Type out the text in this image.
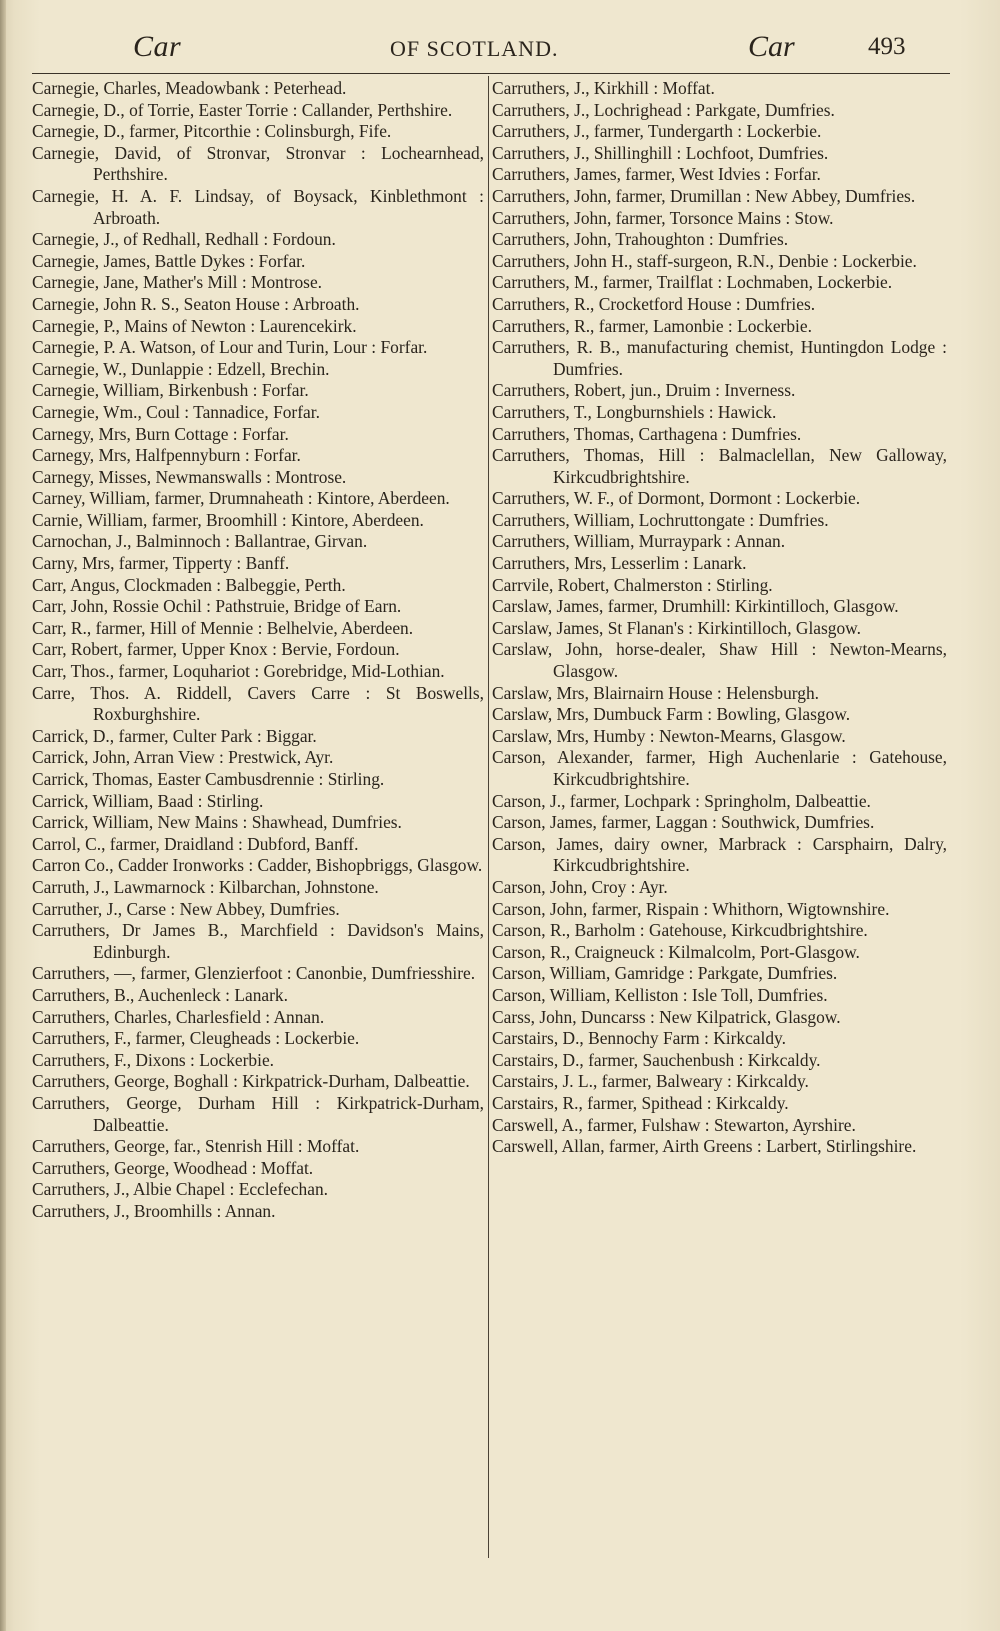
Car	OF SCOTLAND.	Car	493

Carnegie, Charles, Meadowbank : Peterhead.

Carnegie, D., of Torrie, Easter Torrie : Callander, Perthshire.

Carnegie, D., farmer, Pitcorthie : Colinsburgh, Fife.

Carnegie, David, of Stronvar, Stronvar : Lochearnhead, Perthshire.

Carnegie, H. A. F. Lindsay, of Boysack, Kinblethmont : Arbroath.

Carnegie, J., of Redhall, Redhall : Fordoun.

Carnegie, James, Battle Dykes : Forfar.

Carnegie, Jane, Mather's Mill : Montrose.

Carnegie, John R. S., Seaton House : Arbroath.

Carnegie, P., Mains of Newton : Laurencekirk.

Carnegie, P. A. Watson, of Lour and Turin, Lour : Forfar.

Carnegie, W., Dunlappie : Edzell, Brechin.

Carnegie, William, Birkenbush : Forfar.

Carnegie, Wm., Coul : Tannadice, Forfar.

Carnegy, Mrs, Burn Cottage : Forfar.

Carnegy, Mrs, Halfpennyburn : Forfar.

Carnegy, Misses, Newmanswalls : Montrose.

Carney, William, farmer, Drumnaheath : Kintore, Aberdeen.

Carnie, William, farmer, Broomhill : Kintore, Aberdeen.

Carnochan, J., Balminnoch : Ballantrae, Girvan.

Carny, Mrs, farmer, Tipperty : Banff.

Carr, Angus, Clockmaden : Balbeggie, Perth.

Carr, John, Rossie Ochil : Pathstruie, Bridge of Earn.

Carr, R., farmer, Hill of Mennie : Belhelvie, Aberdeen.

Carr, Robert, farmer, Upper Knox : Bervie, Fordoun.

Carr, Thos., farmer, Loquhariot : Gorebridge, Mid-Lothian.

Carre, Thos. A. Riddell, Cavers Carre : St Boswells, Roxburghshire.

Carrick, D., farmer, Culter Park : Biggar.

Carrick, John, Arran View : Prestwick, Ayr.

Carrick, Thomas, Easter Cambusdrennie : Stirling.

Carrick, William, Baad : Stirling.

Carrick, William, New Mains : Shawhead, Dumfries.

Carrol, C., farmer, Draidland : Dubford, Banff.

Carron Co., Cadder Ironworks : Cadder, Bishopbriggs, Glasgow.

Carruth, J., Lawmarnock : Kilbarchan, Johnstone.

Carruther, J., Carse : New Abbey, Dumfries.

Carruthers, Dr James B., Marchfield : Davidson's Mains, Edinburgh.

Carruthers, —, farmer, Glenzierfoot : Canonbie, Dumfriesshire.

Carruthers, B., Auchenleck : Lanark.

Carruthers, Charles, Charlesfield : Annan.

Carruthers, F., farmer, Cleugheads : Lockerbie.

Carruthers, F., Dixons : Lockerbie.

Carruthers, George, Boghall : Kirkpatrick-Durham, Dalbeattie.

Carruthers, George, Durham Hill : Kirkpatrick-Durham, Dalbeattie.

Carruthers, George, far., Stenrish Hill : Moffat.

Carruthers, George, Woodhead : Moffat.

Carruthers, J., Albie Chapel : Ecclefechan.

Carruthers, J., Broomhills : Annan.

Carruthers, J., Kirkhill : Moffat.

Carruthers, J., Lochrighead : Parkgate, Dumfries.

Carruthers, J., farmer, Tundergarth : Lockerbie.

Carruthers, J., Shillinghill : Lochfoot, Dumfries.

Carruthers, James, farmer, West Idvies : Forfar.

Carruthers, John, farmer, Drumillan : New Abbey, Dumfries.

Carruthers, John, farmer, Torsonce Mains : Stow.

Carruthers, John, Trahoughton : Dumfries.

Carruthers, John H., staff-surgeon, R.N., Denbie : Lockerbie.

Carruthers, M., farmer, Trailflat : Lochmaben, Lockerbie.

Carruthers, R., Crocketford House : Dumfries.

Carruthers, R., farmer, Lamonbie : Lockerbie.

Carruthers, R. B., manufacturing chemist, Huntingdon Lodge : Dumfries.

Carruthers, Robert, jun., Druim : Inverness.

Carruthers, T., Longburnshiels : Hawick.

Carruthers, Thomas, Carthagena : Dumfries.

Carruthers, Thomas, Hill : Balmaclellan, New Galloway, Kirkcudbrightshire.

Carruthers, W. F., of Dormont, Dormont : Lockerbie.

Carruthers, William, Lochruttongate : Dumfries.

Carruthers, William, Murraypark : Annan.

Carruthers, Mrs, Lesserlim : Lanark.

Carrvile, Robert, Chalmerston : Stirling.

Carslaw, James, farmer, Drumhill: Kirkintilloch, Glasgow.

Carslaw, James, St Flanan's : Kirkintilloch, Glasgow.

Carslaw, John, horse-dealer, Shaw Hill : Newton-Mearns, Glasgow.

Carslaw, Mrs, Blairnairn House : Helensburgh.

Carslaw, Mrs, Dumbuck Farm : Bowling, Glasgow.

Carslaw, Mrs, Humby : Newton-Mearns, Glasgow.

Carson, Alexander, farmer, High Auchenlarie : Gatehouse, Kirkcudbrightshire.

Carson, J., farmer, Lochpark : Springholm, Dalbeattie.

Carson, James, farmer, Laggan : Southwick, Dumfries.

Carson, James, dairy owner, Marbrack : Carsphairn, Dalry, Kirkcudbrightshire.

Carson, John, Croy : Ayr.

Carson, John, farmer, Rispain : Whithorn, Wigtownshire.

Carson, R., Barholm : Gatehouse, Kirkcudbrightshire.

Carson, R., Craigneuck : Kilmalcolm, Port-Glasgow.

Carson, William, Gamridge : Parkgate, Dumfries.

Carson, William, Kelliston : Isle Toll, Dumfries.

Carss, John, Duncarss : New Kilpatrick, Glasgow.

Carstairs, D., Bennochy Farm : Kirkcaldy.

Carstairs, D., farmer, Sauchenbush : Kirkcaldy.

Carstairs, J. L., farmer, Balweary : Kirkcaldy.

Carstairs, R., farmer, Spithead : Kirkcaldy.

Carswell, A., farmer, Fulshaw : Stewarton, Ayrshire.

Carswell, Allan, farmer, Airth Greens : Larbert, Stirlingshire.
